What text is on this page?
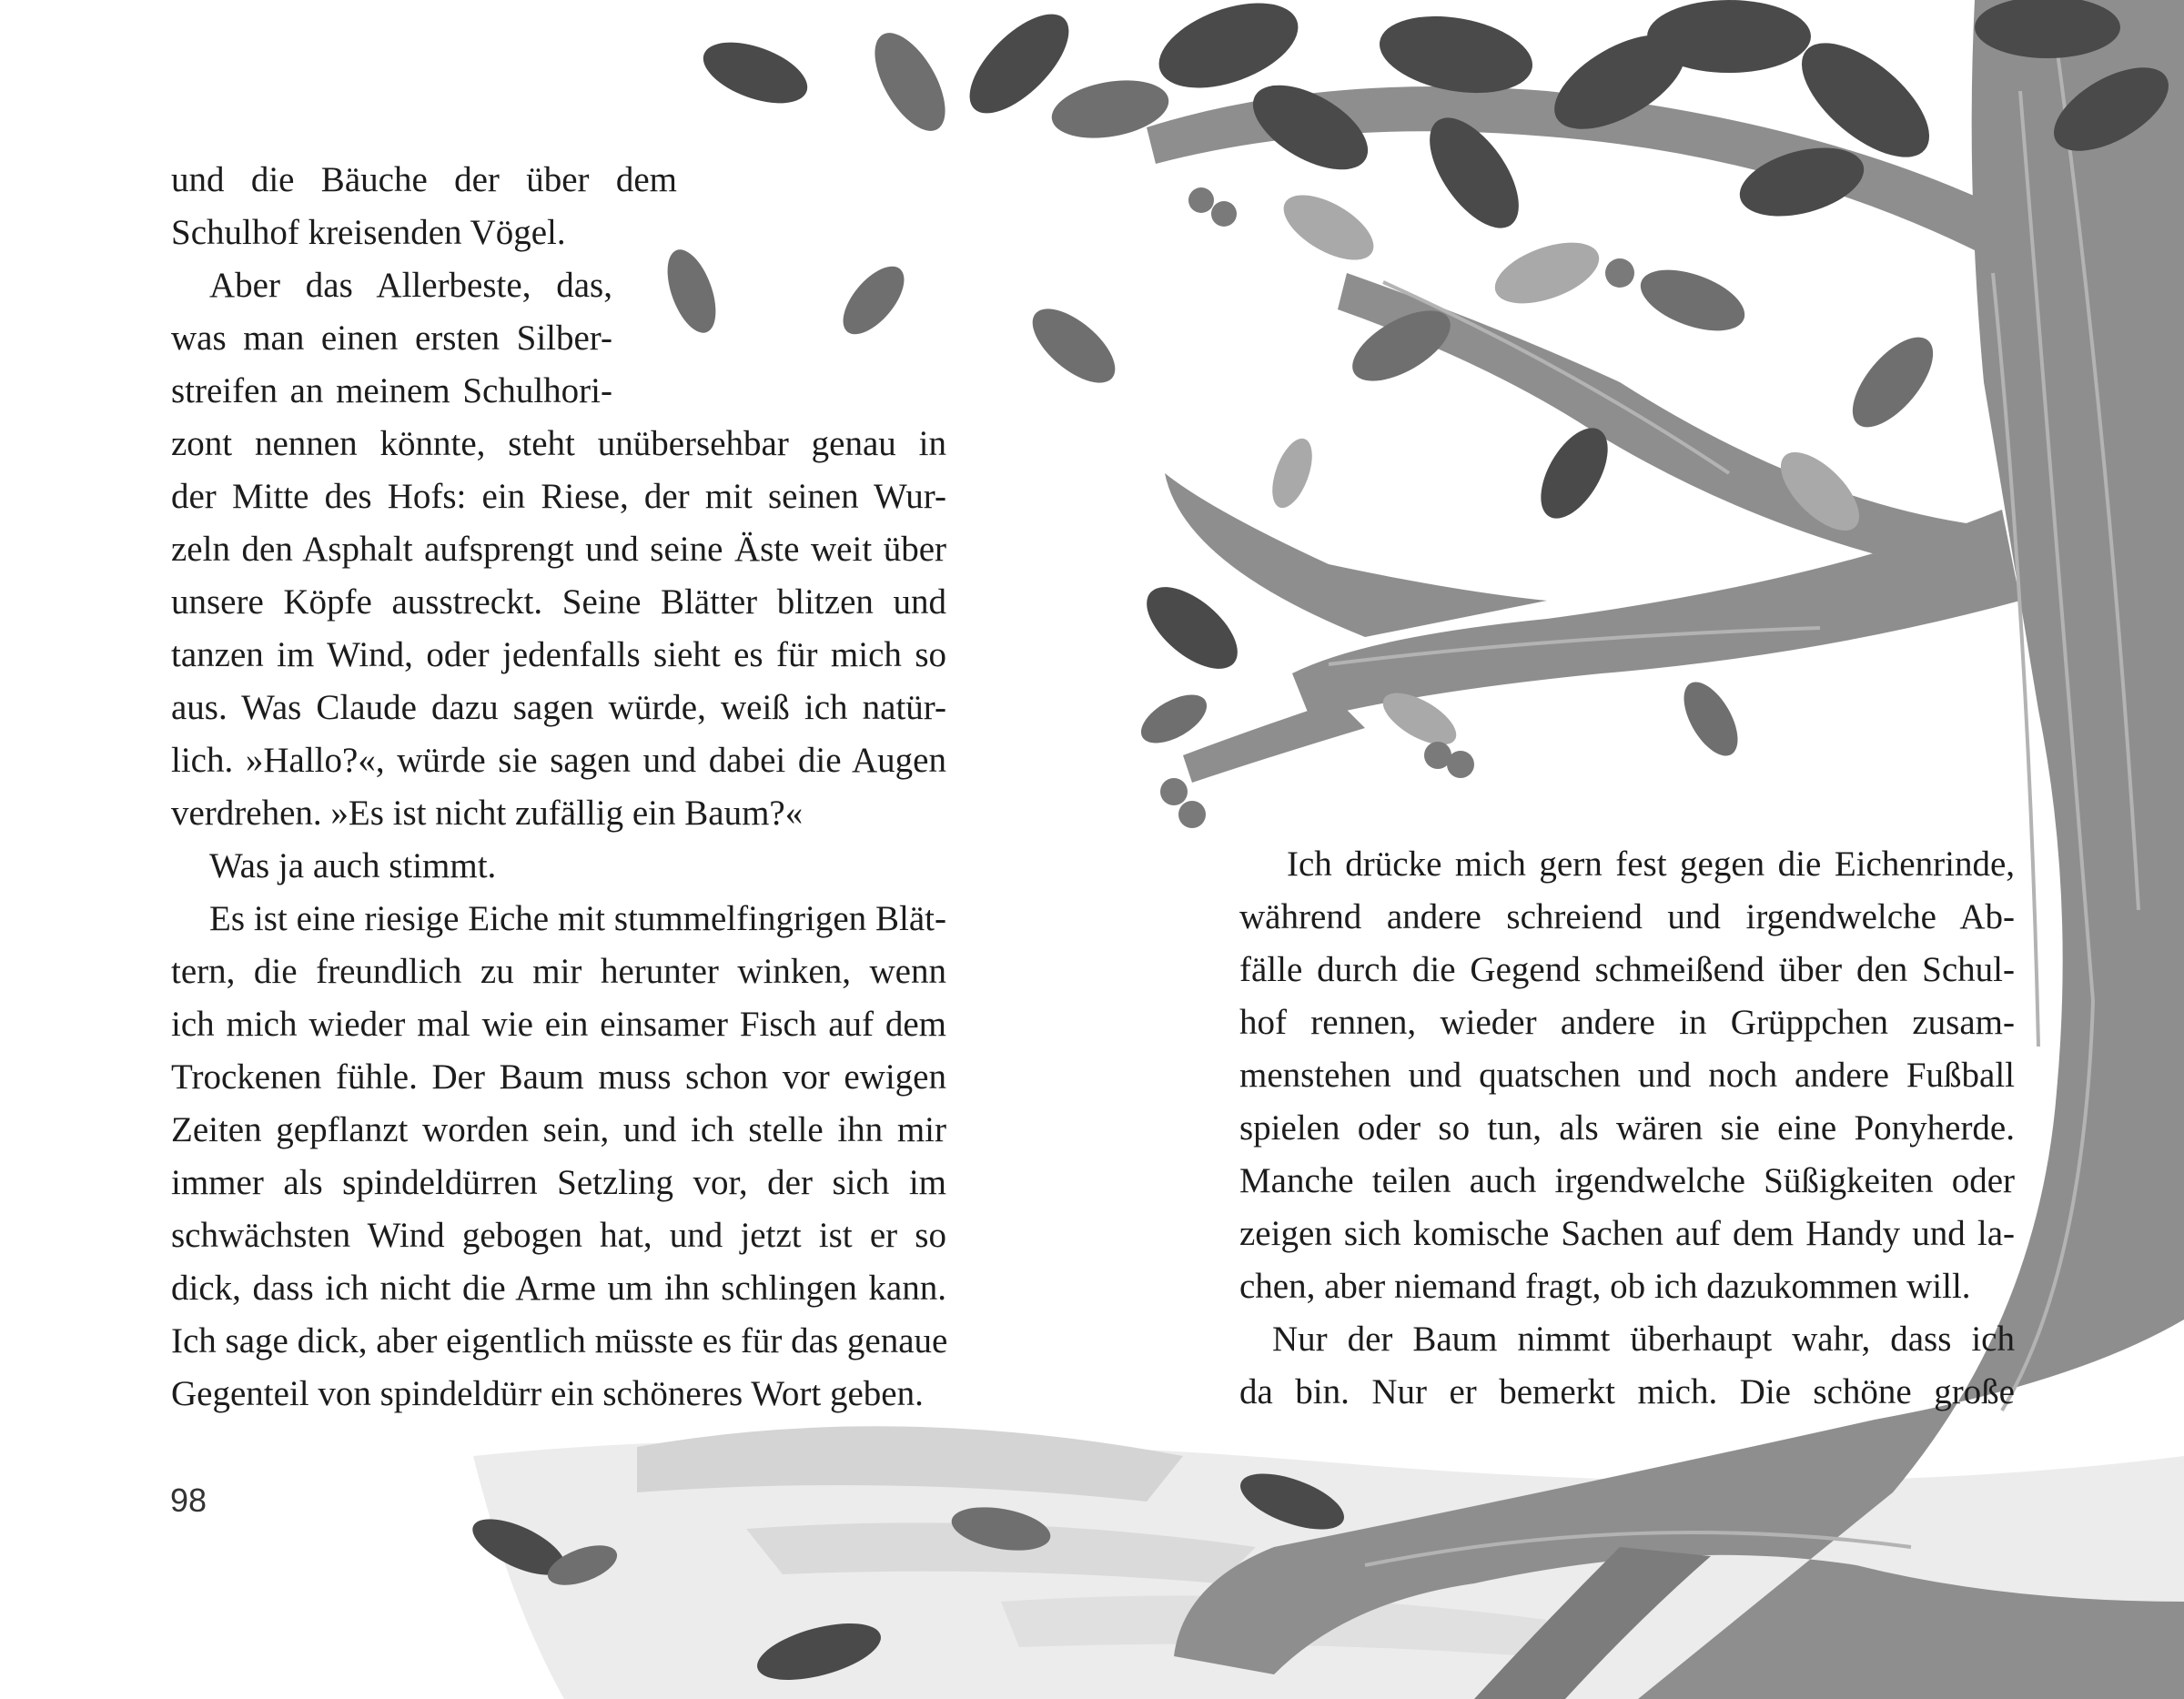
und die Bäuche der über dem
Schulhof kreisenden Vögel.
Aber das Allerbeste, das,
was man einen ersten Silber-
streifen an meinem Schulhori-
zont nennen könnte, steht unübersehbar genau in
der Mitte des Hofs: ein Riese, der mit seinen Wur-
zeln den Asphalt aufsprengt und seine Äste weit über
unsere Köpfe ausstreckt. Seine Blätter blitzen und
tanzen im Wind, oder jedenfalls sieht es für mich so
aus. Was Claude dazu sagen würde, weiß ich natür-
lich. »Hallo?«, würde sie sagen und dabei die Augen
verdrehen. »Es ist nicht zufällig ein Baum?«
Was ja auch stimmt.
Es ist eine riesige Eiche mit stummelfingrigen Blät-
tern, die freundlich zu mir herunter winken, wenn
ich mich wieder mal wie ein einsamer Fisch auf dem
Trockenen fühle. Der Baum muss schon vor ewigen
Zeiten gepflanzt worden sein, und ich stelle ihn mir
immer als spindeldürren Setzling vor, der sich im
schwächsten Wind gebogen hat, und jetzt ist er so
dick, dass ich nicht die Arme um ihn schlingen kann.
Ich sage dick, aber eigentlich müsste es für das genaue
Gegenteil von spindeldürr ein schöneres Wort geben.
Ich drücke mich gern fest gegen die Eichenrinde,
während andere schreiend und irgendwelche Ab-
fälle durch die Gegend schmeißend über den Schul-
hof rennen, wieder andere in Grüppchen zusam-
menstehen und quatschen und noch andere Fußball
spielen oder so tun, als wären sie eine Ponyherde.
Manche teilen auch irgendwelche Süßigkeiten oder
zeigen sich komische Sachen auf dem Handy und la-
chen, aber niemand fragt, ob ich dazukommen will.
Nur der Baum nimmt überhaupt wahr, dass ich
da bin. Nur er bemerkt mich. Die schöne große
98
